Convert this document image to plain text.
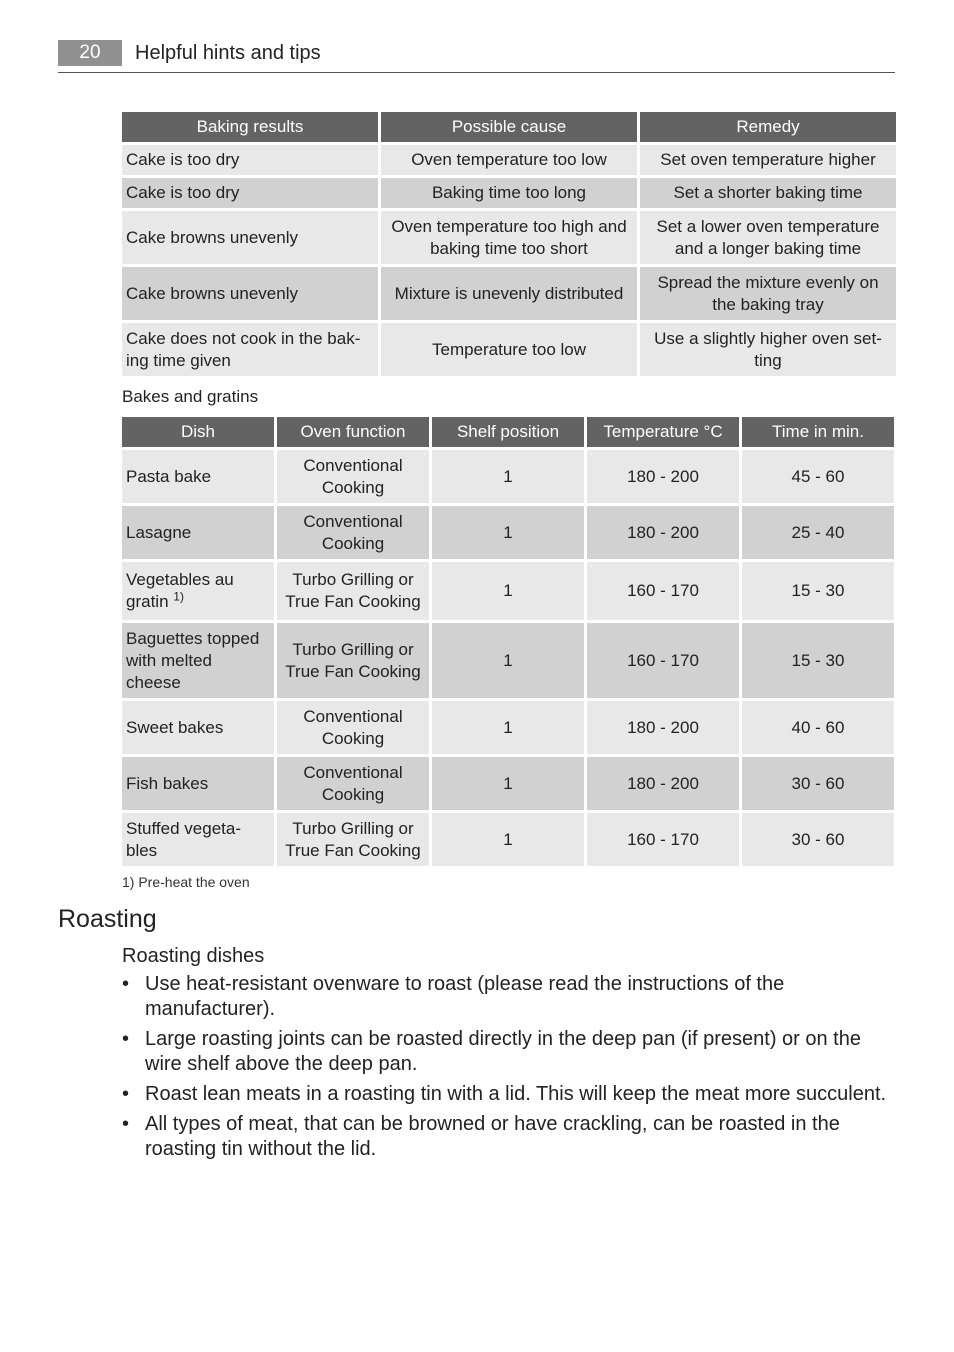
20	Helpful hints and tips
Baking results	Possible cause	Remedy
Cake is too dry	Oven temperature too low	Set oven temperature higher
Cake is too dry	Baking time too long	Set a shorter baking time
Cake browns unevenly	Oven temperature too high and baking time too short	Set a lower oven temperature and a longer baking time
Cake browns unevenly	Mixture is unevenly distributed	Spread the mixture evenly on the baking tray
Cake does not cook in the bak-ing time given	Temperature too low	Use a slightly higher oven set-ting
Bakes and gratins
Dish	Oven function	Shelf position	Temperature °C	Time in min.
Pasta bake	Conventional Cooking	1	180 - 200	45 - 60
Lasagne	Conventional Cooking	1	180 - 200	25 - 40
Vegetables au gratin $^{1)}$	Turbo Grilling or True Fan Cooking	1	160 - 170	15 - 30
Baguettes topped with melted cheese	Turbo Grilling or True Fan Cooking	1	160 - 170	15 - 30
Sweet bakes	Conventional Cooking	1	180 - 200	40 - 60
Fish bakes	Conventional Cooking	1	180 - 200	30 - 60
Stuffed vegeta-bles	Turbo Grilling or True Fan Cooking	1	160 - 170	30 - 60
1) Pre-heat the oven
Roasting
Roasting dishes
• Use heat-resistant ovenware to roast (please read the instructions of the manufacturer).
• Large roasting joints can be roasted directly in the deep pan (if present) or on the wire shelf above the deep pan.
• Roast lean meats in a roasting tin with a lid. This will keep the meat more succulent.
• All types of meat, that can be browned or have crackling, can be roasted in the roasting tin without the lid.
